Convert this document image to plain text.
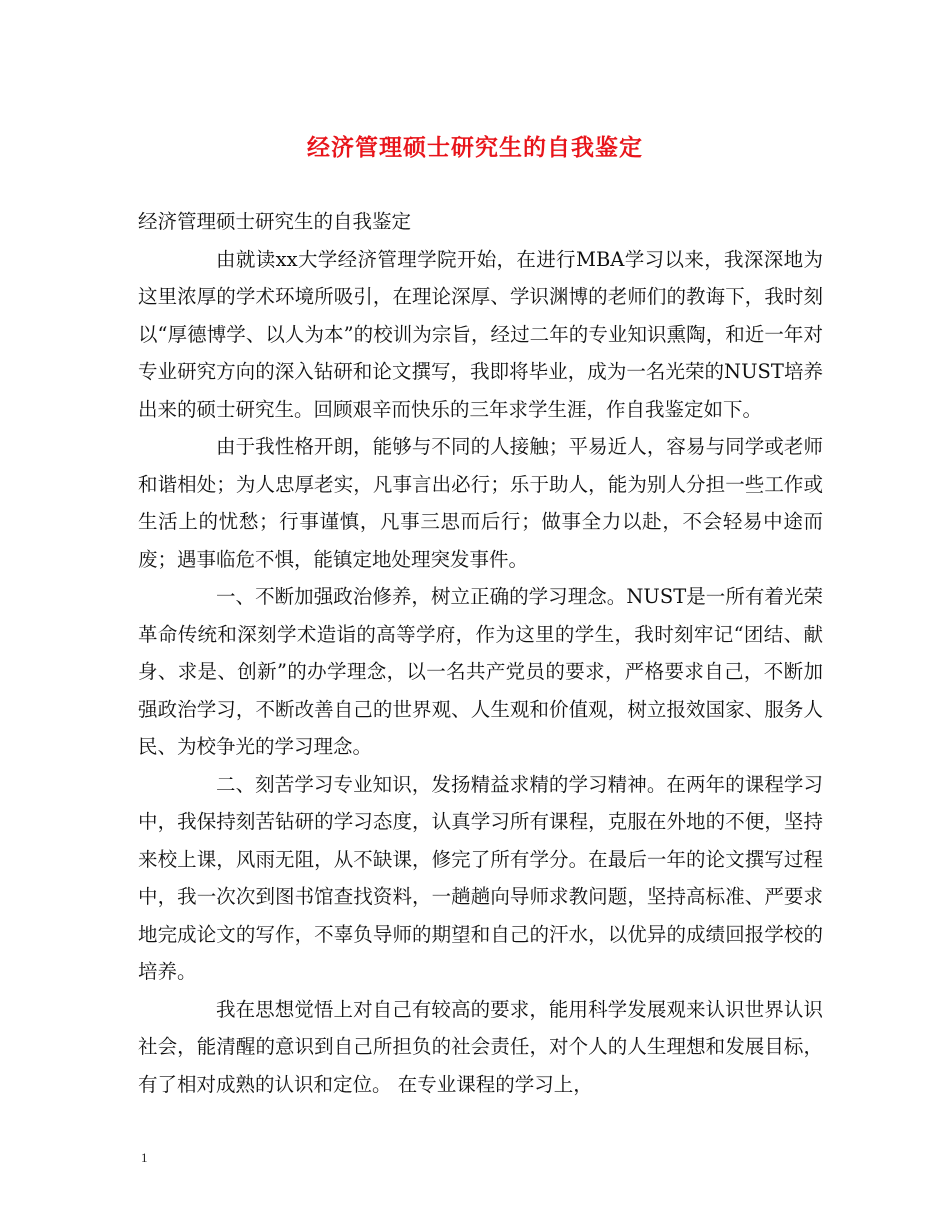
经济管理硕士研究生的自我鉴定

经济管理硕士研究生的自我鉴定

由就读xx大学经济管理学院开始，在进行MBA学习以来，我深深地为这里浓厚的学术环境所吸引，在理论深厚、学识渊博的老师们的教诲下，我时刻以“厚德博学、以人为本”的校训为宗旨，经过二年的专业知识熏陶，和近一年对专业研究方向的深入钻研和论文撰写，我即将毕业，成为一名光荣的NUST培养出来的硕士研究生。回顾艰辛而快乐的三年求学生涯，作自我鉴定如下。

由于我性格开朗，能够与不同的人接触；平易近人，容易与同学或老师和谐相处；为人忠厚老实，凡事言出必行；乐于助人，能为别人分担一些工作或生活上的忧愁；行事谨慎，凡事三思而后行；做事全力以赴，不会轻易中途而废；遇事临危不惧，能镇定地处理突发事件。

一、不断加强政治修养，树立正确的学习理念。NUST是一所有着光荣革命传统和深刻学术造诣的高等学府，作为这里的学生，我时刻牢记“团结、献身、求是、创新”的办学理念，以一名共产党员的要求，严格要求自己，不断加强政治学习，不断改善自己的世界观、人生观和价值观，树立报效国家、服务人民、为校争光的学习理念。

二、刻苦学习专业知识，发扬精益求精的学习精神。在两年的课程学习中，我保持刻苦钻研的学习态度，认真学习所有课程，克服在外地的不便，坚持来校上课，风雨无阻，从不缺课，修完了所有学分。在最后一年的论文撰写过程中，我一次次到图书馆查找资料，一趟趟向导师求教问题，坚持高标准、严要求地完成论文的写作，不辜负导师的期望和自己的汗水，以优异的成绩回报学校的培养。

我在思想觉悟上对自己有较高的要求，能用科学发展观来认识世界认识社会，能清醒的意识到自己所担负的社会责任，对个人的人生理想和发展目标，有了相对成熟的认识和定位。 在专业课程的学习上，

1
